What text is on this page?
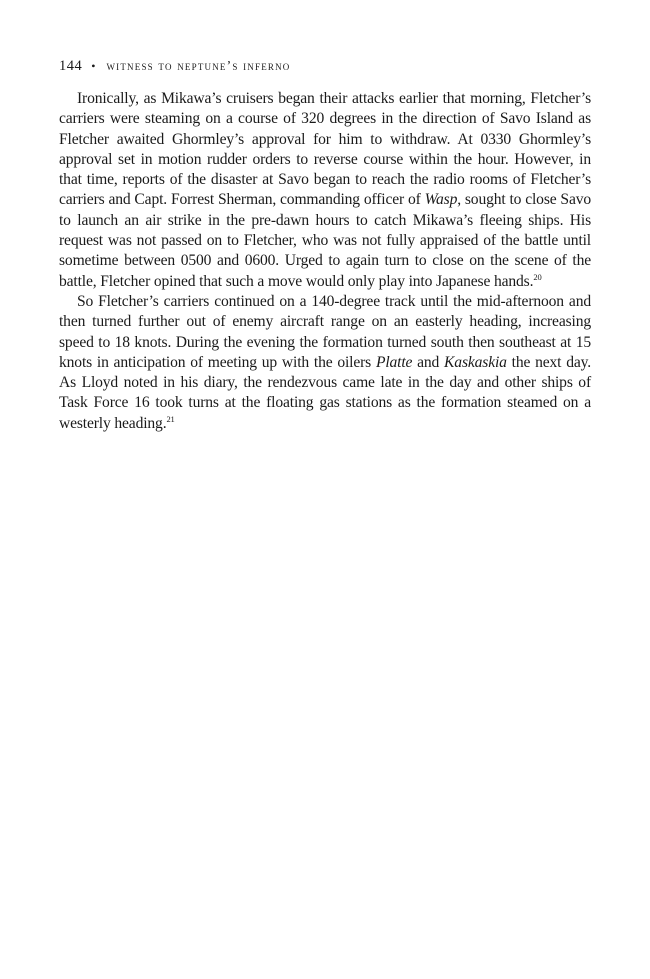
144 • witness to neptune’s inferno

Ironically, as Mikawa’s cruisers began their attacks earlier that morning, Fletcher’s carriers were steaming on a course of 320 degrees in the direction of Savo Island as Fletcher awaited Ghormley’s approval for him to withdraw. At 0330 Ghormley’s approval set in motion rudder orders to reverse course within the hour. However, in that time, reports of the disaster at Savo began to reach the radio rooms of Fletcher’s carriers and Capt. Forrest Sherman, commanding officer of Wasp, sought to close Savo to launch an air strike in the pre-dawn hours to catch Mikawa’s fleeing ships. His request was not passed on to Fletcher, who was not fully appraised of the battle until sometime between 0500 and 0600. Urged to again turn to close on the scene of the battle, Fletcher opined that such a move would only play into Japanese hands.$^{20}$

So Fletcher’s carriers continued on a 140-degree track until the mid-afternoon and then turned further out of enemy aircraft range on an easterly heading, increasing speed to 18 knots. During the evening the formation turned south then southeast at 15 knots in anticipation of meeting up with the oilers Platte and Kaskaskia the next day. As Lloyd noted in his diary, the rendezvous came late in the day and other ships of Task Force 16 took turns at the floating gas stations as the formation steamed on a westerly heading.$^{21}$
